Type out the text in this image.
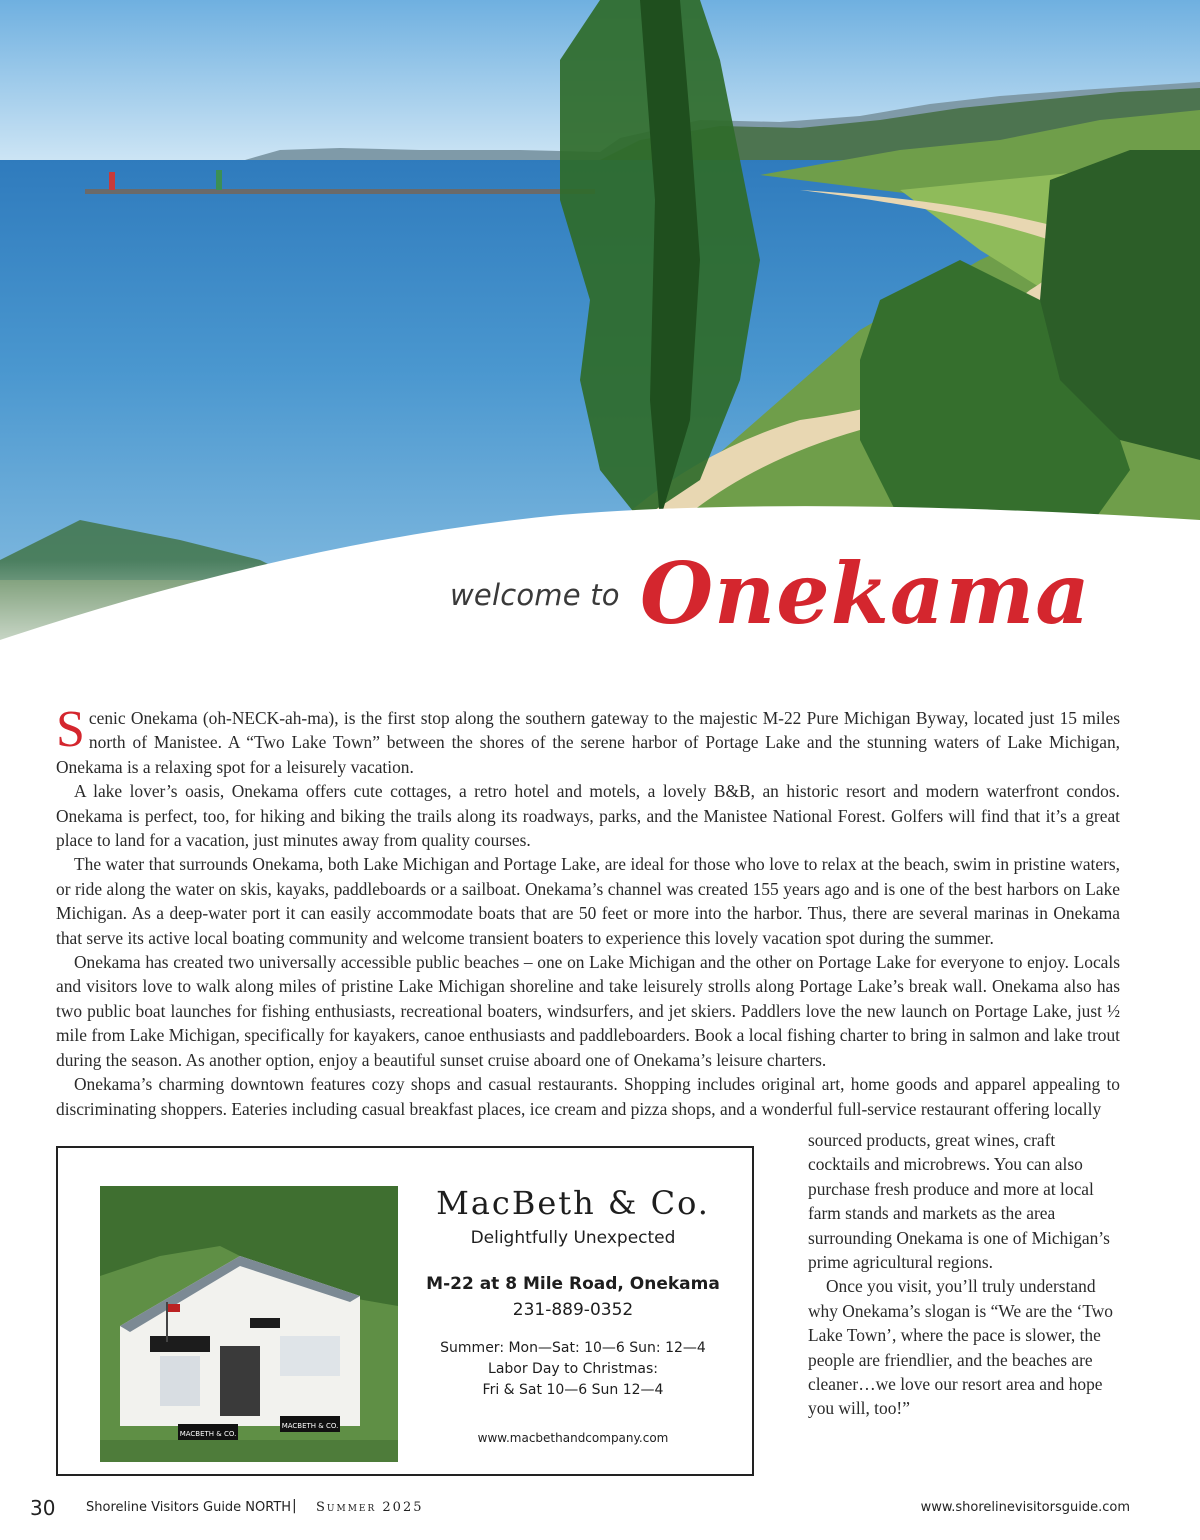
welcome to Onekama

Scenic Onekama (oh-NECK-ah-ma), is the first stop along the southern gateway to the majestic M-22 Pure Michigan Byway, located just 15 miles north of Manistee. A “Two Lake Town” between the shores of the serene harbor of Portage Lake and the stunning waters of Lake Michigan, Onekama is a relaxing spot for a leisurely vacation.

A lake lover’s oasis, Onekama offers cute cottages, a retro hotel and motels, a lovely B&B, an historic resort and modern waterfront condos. Onekama is perfect, too, for hiking and biking the trails along its roadways, parks, and the Manistee National Forest. Golfers will find that it’s a great place to land for a vacation, just minutes away from quality courses.

The water that surrounds Onekama, both Lake Michigan and Portage Lake, are ideal for those who love to relax at the beach, swim in pristine waters, or ride along the water on skis, kayaks, paddleboards or a sailboat. Onekama’s channel was created 155 years ago and is one of the best harbors on Lake Michigan. As a deep-water port it can easily accommodate boats that are 50 feet or more into the harbor. Thus, there are several marinas in Onekama that serve its active local boating community and welcome transient boaters to experience this lovely vacation spot during the summer.

Onekama has created two universally accessible public beaches – one on Lake Michigan and the other on Portage Lake for everyone to enjoy. Locals and visitors love to walk along miles of pristine Lake Michigan shoreline and take leisurely strolls along Portage Lake’s break wall. Onekama also has two public boat launches for fishing enthusiasts, recreational boaters, windsurfers, and jet skiers. Paddlers love the new launch on Portage Lake, just ½ mile from Lake Michigan, specifically for kayakers, canoe enthusiasts and paddleboarders. Book a local fishing charter to bring in salmon and lake trout during the season. As another option, enjoy a beautiful sunset cruise aboard one of Onekama’s leisure charters.

Onekama’s charming downtown features cozy shops and casual restaurants. Shopping includes original art, home goods and apparel appealing to discriminating shoppers. Eateries including casual breakfast places, ice cream and pizza shops, and a wonderful full-service restaurant offering locally

sourced products, great wines, craft cocktails and microbrews. You can also purchase fresh produce and more at local farm stands and markets as the area surrounding Onekama is one of Michigan’s prime agricultural regions.

Once you visit, you’ll truly understand why Onekama’s slogan is “We are the ‘Two Lake Town’, where the pace is slower, the people are friendlier, and the beaches are cleaner…we love our resort area and hope you will, too!”

MACBETH & CO.
MACBETH & CO.
MacBeth & Co.
Delightfully Unexpected
M-22 at 8 Mile Road, Onekama
231-889-0352
Summer: Mon—Sat: 10—6 Sun: 12—4
Labor Day to Christmas:
Fri & Sat 10—6 Sun 12—4
www.macbethandcompany.com
30 Shoreline Visitors Guide NORTH | Summer 2025	www.shorelinevisitorsguide.com
